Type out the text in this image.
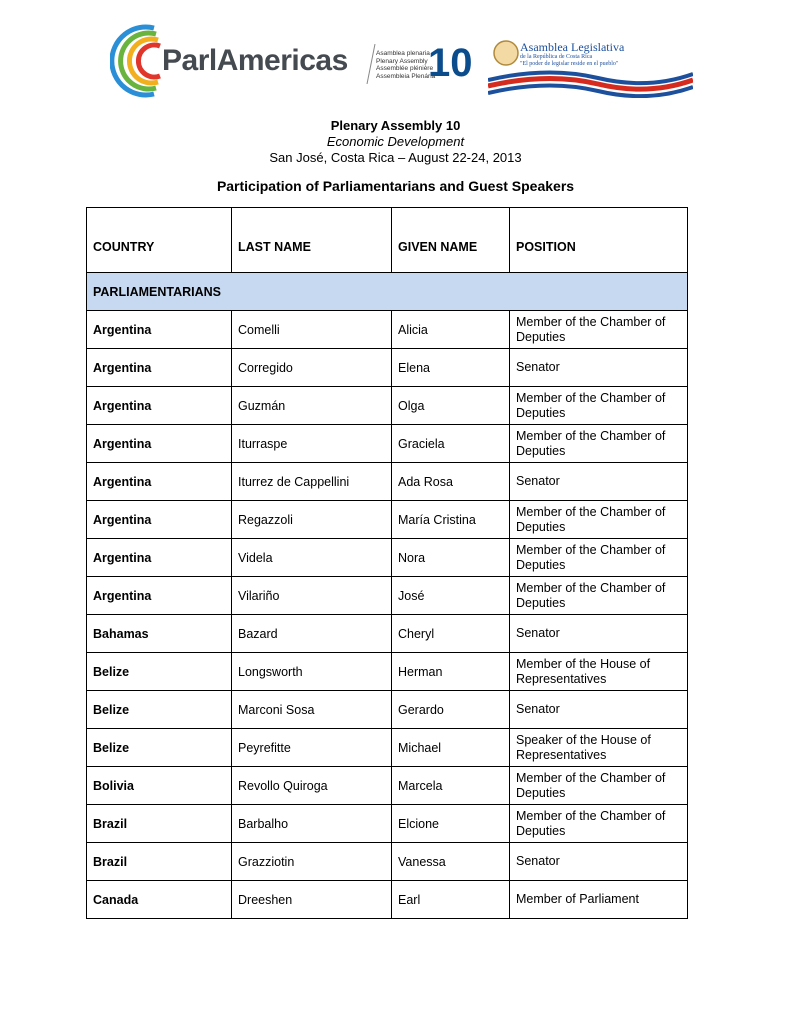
ParlAmericas	Asamblea plenaria
Plenary Assembly
Assemblée plénière
Assembleia Plenária
10	Asamblea Legislativa
de la República de Costa Rica
"El poder de legislar reside en el pueblo"
Plenary Assembly 10
Economic Development
San José, Costa Rica – August 22-24, 2013
Participation of Parliamentarians and Guest Speakers
COUNTRY	LAST NAME	GIVEN NAME	POSITION
PARLIAMENTARIANS			
Argentina	Comelli	Alicia	Member of the Chamber of Deputies
Argentina	Corregido	Elena	Senator
Argentina	Guzmán	Olga	Member of the Chamber of Deputies
Argentina	Iturraspe	Graciela	Member of the Chamber of Deputies
Argentina	Iturrez de Cappellini	Ada Rosa	Senator
Argentina	Regazzoli	María Cristina	Member of the Chamber of Deputies
Argentina	Videla	Nora	Member of the Chamber of Deputies
Argentina	Vilariño	José	Member of the Chamber of Deputies
Bahamas	Bazard	Cheryl	Senator
Belize	Longsworth	Herman	Member of the House of Representatives
Belize	Marconi Sosa	Gerardo	Senator
Belize	Peyrefitte	Michael	Speaker of the House of Representatives
Bolivia	Revollo Quiroga	Marcela	Member of the Chamber of Deputies
Brazil	Barbalho	Elcione	Member of the Chamber of Deputies
Brazil	Grazziotin	Vanessa	Senator
Canada	Dreeshen	Earl	Member of Parliament
